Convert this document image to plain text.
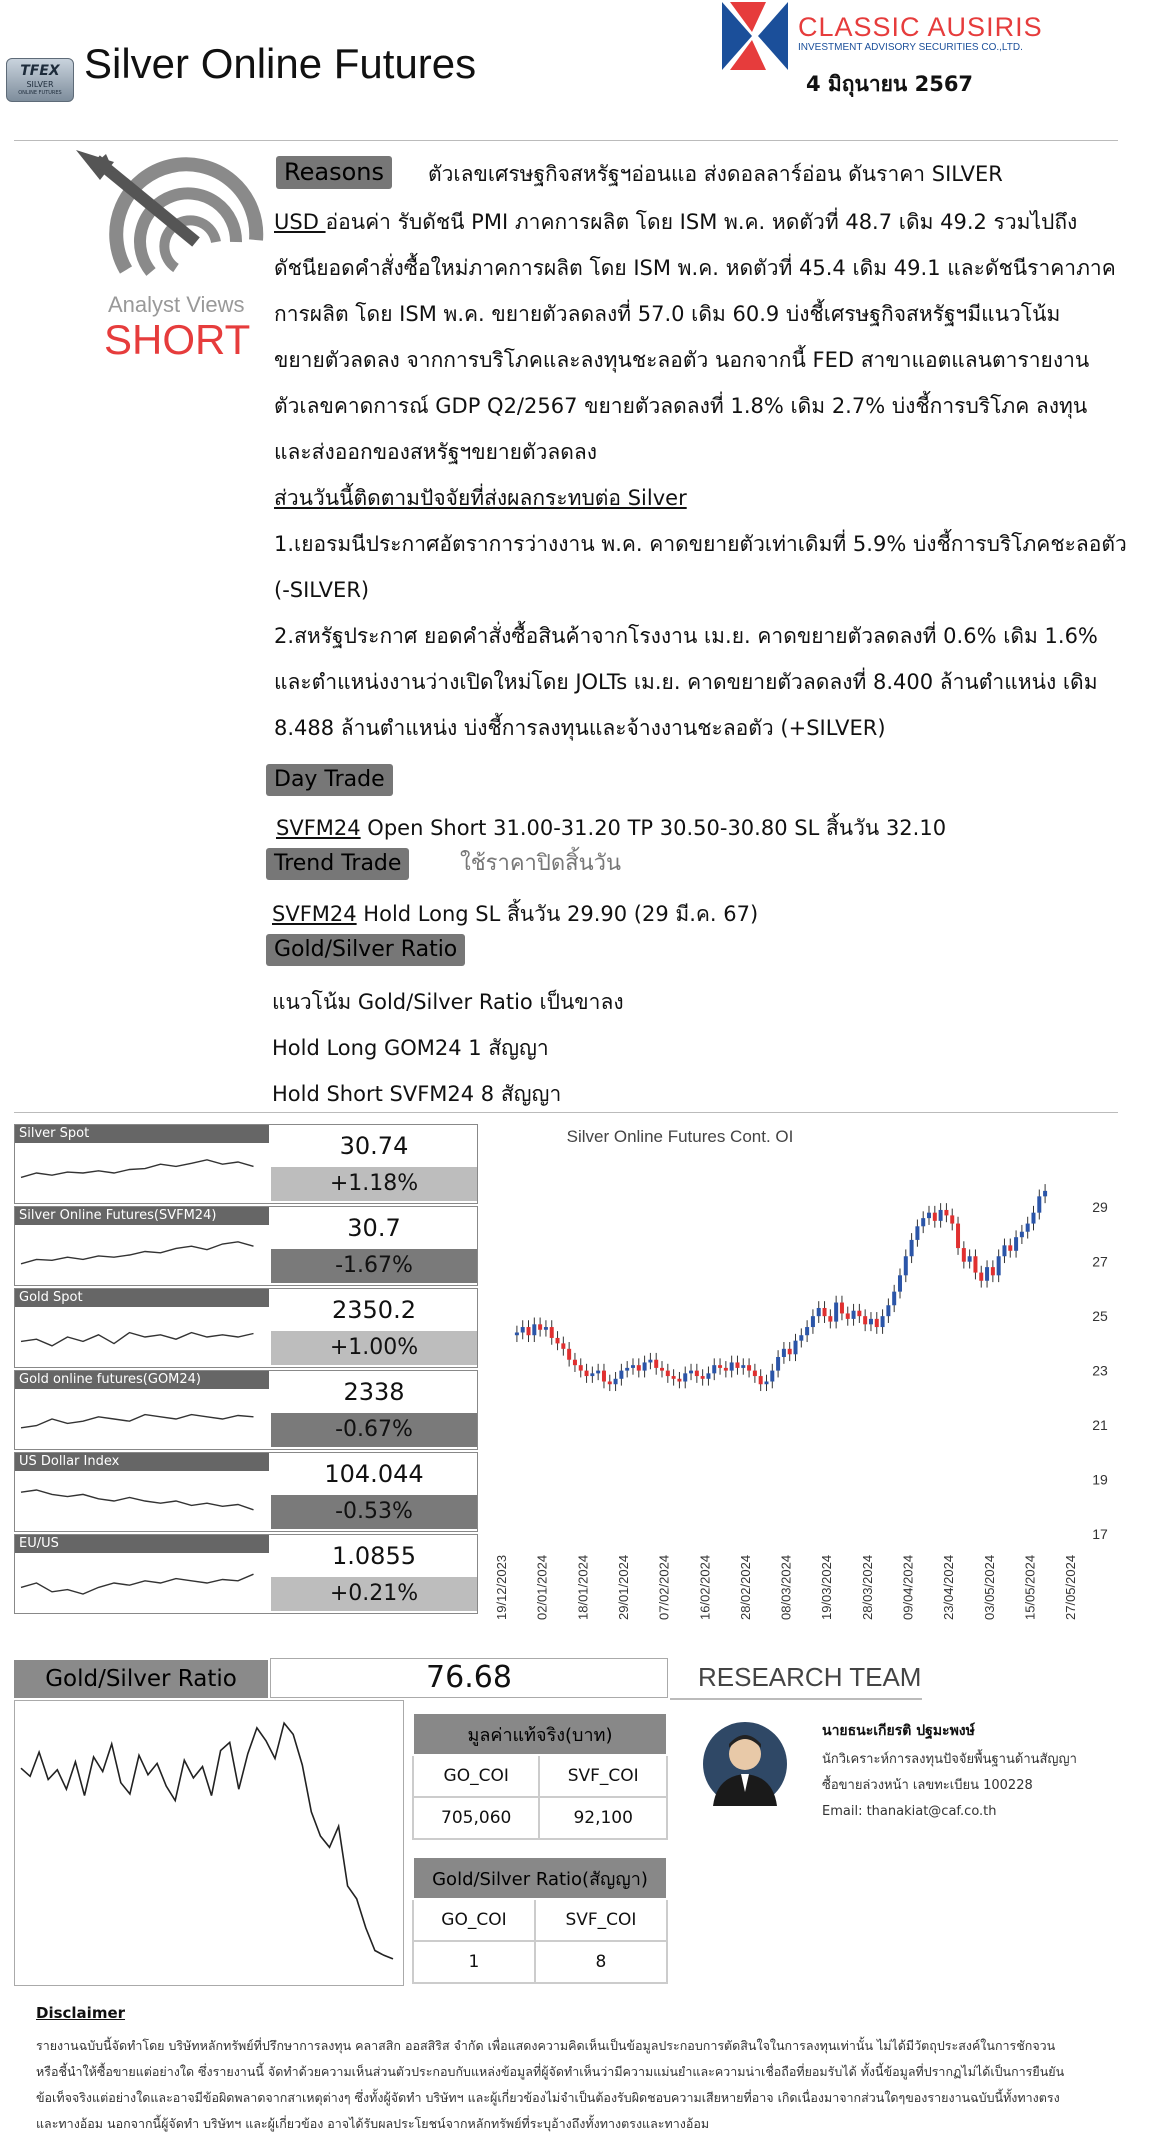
TFEX
SILVER
ONLINE FUTURES
Silver Online Futures
CLASSIC AUSIRIS
INVESTMENT ADVISORY SECURITIES CO.,LTD.
4 มิถุนายน 2567
Analyst Views
SHORT
Reasons	ตัวเลขเศรษฐกิจสหรัฐฯอ่อนแอ ส่งดอลลาร์อ่อน ดันราคา SILVER
USD อ่อนค่า รับดัชนี PMI ภาคการผลิต โดย ISM พ.ค. หดตัวที่ 48.7 เดิม 49.2 รวมไปถึง
ดัชนียอดคำสั่งซื้อใหม่ภาคการผลิต โดย ISM พ.ค. หดตัวที่ 45.4 เดิม 49.1 และดัชนีราคาภาค
การผลิต โดย ISM พ.ค. ขยายตัวลดลงที่ 57.0 เดิม 60.9 บ่งชี้เศรษฐกิจสหรัฐฯมีแนวโน้ม
ขยายตัวลดลง จากการบริโภคและลงทุนชะลอตัว นอกจากนี้ FED สาขาแอตแลนตารายงาน
ตัวเลขคาดการณ์ GDP Q2/2567 ขยายตัวลดลงที่ 1.8% เดิม 2.7% บ่งชี้การบริโภค ลงทุน
และส่งออกของสหรัฐฯขยายตัวลดลง
ส่วนวันนี้ติดตามปัจจัยที่ส่งผลกระทบต่อ Silver
1.เยอรมนีประกาศอัตราการว่างงาน พ.ค. คาดขยายตัวเท่าเดิมที่ 5.9% บ่งชี้การบริโภคชะลอตัว
(-SILVER)
2.สหรัฐประกาศ ยอดคำสั่งซื้อสินค้าจากโรงงาน เม.ย. คาดขยายตัวลดลงที่ 0.6% เดิม 1.6%
และตำแหน่งงานว่างเปิดใหม่โดย JOLTs เม.ย. คาดขยายตัวลดลงที่ 8.400 ล้านตำแหน่ง เดิม
8.488 ล้านตำแหน่ง บ่งชี้การลงทุนและจ้างงานชะลอตัว (+SILVER)
Day Trade
SVFM24 Open Short 31.00-31.20 TP 30.50-30.80 SL สิ้นวัน 32.10
Trend Trade	ใช้ราคาปิดสิ้นวัน
SVFM24 Hold Long SL สิ้นวัน 29.90 (29 มี.ค. 67)
Gold/Silver Ratio
แนวโน้ม Gold/Silver Ratio เป็นขาลง
Hold Long GOM24 1 สัญญา
Hold Short SVFM24 8 สัญญา
Silver Spot	30.74
+1.18%
Silver Online Futures(SVFM24)	30.7
-1.67%
Gold Spot	2350.2
+1.00%
Gold online futures(GOM24)	2338
-0.67%
US Dollar Index	104.044
-0.53%
EU/US	1.0855
+0.21%
Silver Online Futures Cont. OI
17
19
21
23
25
27
29
19/12/2023 02/01/2024 18/01/2024 29/01/2024 07/02/2024 16/02/2024 28/02/2024 08/03/2024 19/03/2024 28/03/2024 09/04/2024 23/04/2024 03/05/2024 15/05/2024 27/05/2024
Gold/Silver Ratio	76.68	RESEARCH TEAM
มูลค่าแท้จริง(บาท)	
GO_COI	SVF_COI
705,060	92,100
Gold/Silver Ratio(สัญญา)	
GO_COI	SVF_COI
1	8
นายธนะเกียรติ ปฐมะพงษ์
นักวิเคราะห์การลงทุนปัจจัยพื้นฐานด้านสัญญา
ซื้อขายล่วงหน้า เลขทะเบียน 100228
Email: thanakiat@caf.co.th
Disclaimer
รายงานฉบับนี้จัดทำโดย บริษัทหลักทรัพย์ที่ปรึกษาการลงทุน คลาสสิก ออสสิริส จำกัด เพื่อแสดงความคิดเห็นเป็นข้อมูลประกอบการตัดสินใจในการลงทุนเท่านั้น ไม่ได้มีวัตถุประสงค์ในการชักจวน
หรือชี้นำให้ซื้อขายแต่อย่างใด ซึ่งรายงานนี้ จัดทำด้วยความเห็นส่วนตัวประกอบกับแหล่งข้อมูลที่ผู้จัดทำเห็นว่ามีความแม่นยำและความน่าเชื่อถือที่ยอมรับได้ ทั้งนี้ข้อมูลที่ปรากฏไม่ได้เป็นการยืนยัน
ข้อเท็จจริงแต่อย่างใดและอาจมีข้อผิดพลาดจากสาเหตุต่างๆ ซึ่งทั้งผู้จัดทำ บริษัทฯ และผู้เกี่ยวข้องไม่จำเป็นต้องรับผิดชอบความเสียหายที่อาจ เกิดเนื่องมาจากส่วนใดๆของรายงานฉบับนี้ทั้งทางตรง
และทางอ้อม นอกจากนี้ผู้จัดทำ บริษัทฯ และผู้เกี่ยวข้อง อาจได้รับผลประโยชน์จากหลักทรัพย์ที่ระบุอ้างถึงทั้งทางตรงและทางอ้อม
